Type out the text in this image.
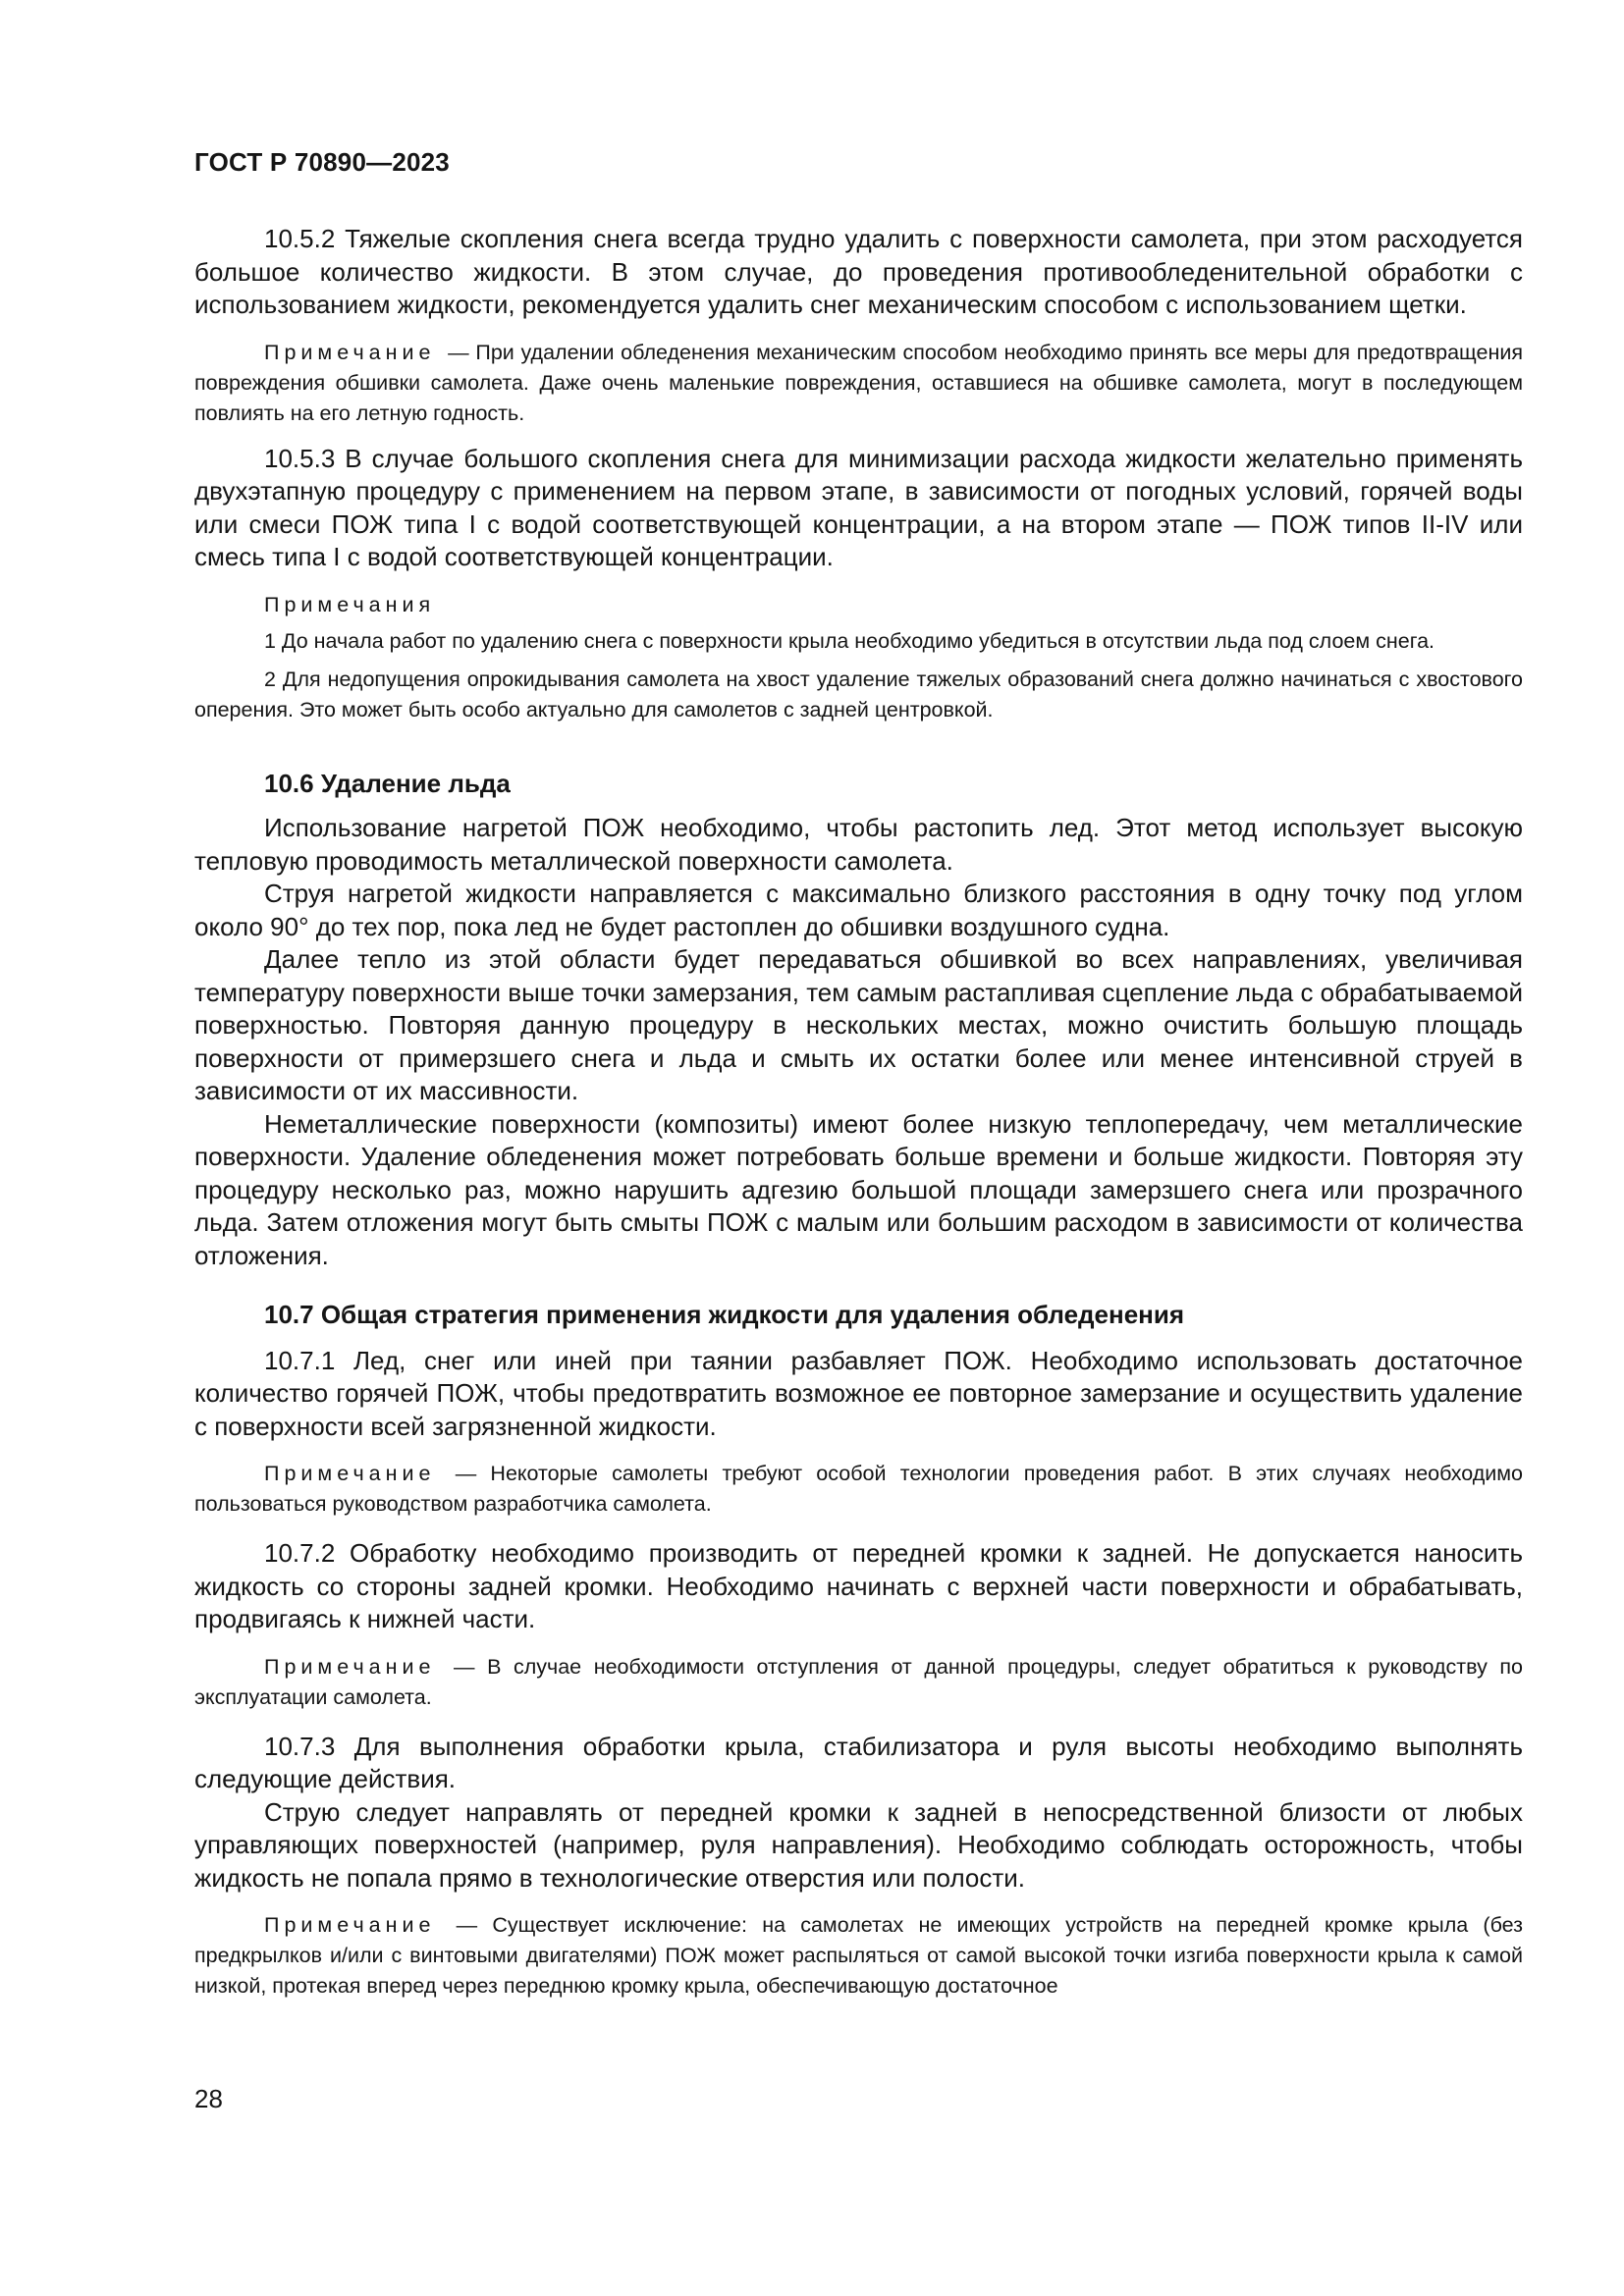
ГОСТ Р 70890—2023

10.5.2 Тяжелые скопления снега всегда трудно удалить с поверхности самолета, при этом расходуется большое количество жидкости. В этом случае, до проведения противообледенительной обработки с использованием жидкости, рекомендуется удалить снег механическим способом с использованием щетки.

Примечание — При удалении обледенения механическим способом необходимо принять все меры для предотвращения повреждения обшивки самолета. Даже очень маленькие повреждения, оставшиеся на обшивке самолета, могут в последующем повлиять на его летную годность.

10.5.3 В случае большого скопления снега для минимизации расхода жидкости желательно применять двухэтапную процедуру с применением на первом этапе, в зависимости от погодных условий, горячей воды или смеси ПОЖ типа I с водой соответствующей концентрации, а на втором этапе — ПОЖ типов II-IV или смесь типа I с водой соответствующей концентрации.

Примечания

1 До начала работ по удалению снега с поверхности крыла необходимо убедиться в отсутствии льда под слоем снега.

2 Для недопущения опрокидывания самолета на хвост удаление тяжелых образований снега должно начинаться с хвостового оперения. Это может быть особо актуально для самолетов с задней центровкой.

10.6 Удаление льда

Использование нагретой ПОЖ необходимо, чтобы растопить лед. Этот метод использует высокую тепловую проводимость металлической поверхности самолета.

Струя нагретой жидкости направляется с максимально близкого расстояния в одну точку под углом около 90° до тех пор, пока лед не будет растоплен до обшивки воздушного судна.

Далее тепло из этой области будет передаваться обшивкой во всех направлениях, увеличивая температуру поверхности выше точки замерзания, тем самым растапливая сцепление льда с обрабатываемой поверхностью. Повторяя данную процедуру в нескольких местах, можно очистить большую площадь поверхности от примерзшего снега и льда и смыть их остатки более или менее интенсивной струей в зависимости от их массивности.

Неметаллические поверхности (композиты) имеют более низкую теплопередачу, чем металлические поверхности. Удаление обледенения может потребовать больше времени и больше жидкости. Повторяя эту процедуру несколько раз, можно нарушить адгезию большой площади замерзшего снега или прозрачного льда. Затем отложения могут быть смыты ПОЖ с малым или большим расходом в зависимости от количества отложения.

10.7 Общая стратегия применения жидкости для удаления обледенения

10.7.1 Лед, снег или иней при таянии разбавляет ПОЖ. Необходимо использовать достаточное количество горячей ПОЖ, чтобы предотвратить возможное ее повторное замерзание и осуществить удаление с поверхности всей загрязненной жидкости.

Примечание — Некоторые самолеты требуют особой технологии проведения работ. В этих случаях необходимо пользоваться руководством разработчика самолета.

10.7.2 Обработку необходимо производить от передней кромки к задней. Не допускается наносить жидкость со стороны задней кромки. Необходимо начинать с верхней части поверхности и обрабатывать, продвигаясь к нижней части.

Примечание — В случае необходимости отступления от данной процедуры, следует обратиться к руководству по эксплуатации самолета.

10.7.3 Для выполнения обработки крыла, стабилизатора и руля высоты необходимо выполнять следующие действия.

Струю следует направлять от передней кромки к задней в непосредственной близости от любых управляющих поверхностей (например, руля направления). Необходимо соблюдать осторожность, чтобы жидкость не попала прямо в технологические отверстия или полости.

Примечание — Существует исключение: на самолетах не имеющих устройств на передней кромке крыла (без предкрылков и/или с винтовыми двигателями) ПОЖ может распыляться от самой высокой точки изгиба поверхности крыла к самой низкой, протекая вперед через переднюю кромку крыла, обеспечивающую достаточное

28
